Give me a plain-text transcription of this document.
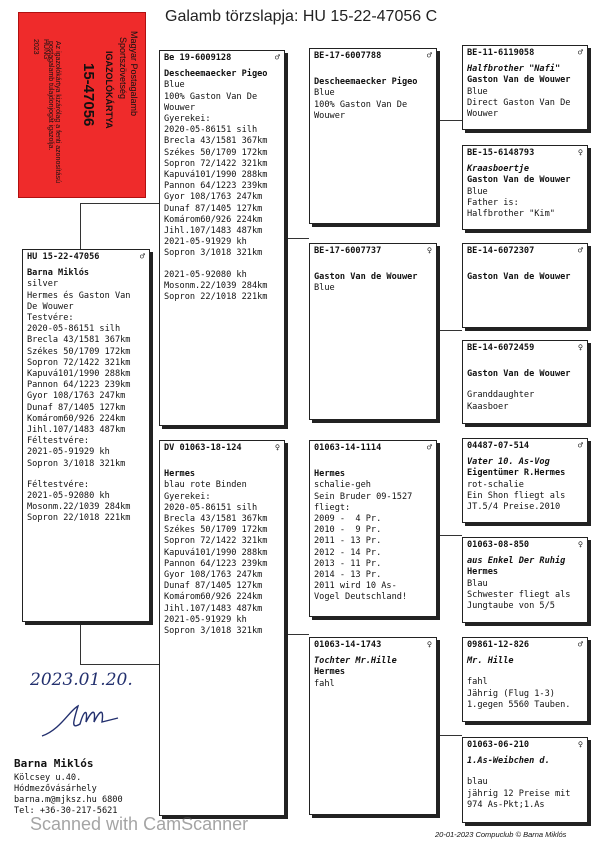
Galamb törzslapja: HU 15-22-47056 C
Magyar Postagalamb
Sportszövetség
IGAZOLÓKÁRTYA
15-47056
Az igazolókártya kizárólag a fenti azonosítású postagalamb tulajdonjogát igazolja.
HUNG
2023
HU 15-22-47056	♂
Barna Miklós
silver
Hermes és Gaston Van
De Wouwer
Testvére:
2020-05-86151 silh
Brecla 43/1581 367km
Székes 50/1709 172km
Sopron 72/1422 321km
Kapuvá101/1990 288km
Pannon 64/1223 239km
Gyor 108/1763 247km
Dunaf 87/1405 127km
Komárom60/926 224km
Jihl.107/1483 487km
Féltestvére:
2021-05-91929 kh
Sopron 3/1018 321km
Féltestvére:
2021-05-92080 kh
Mosonm.22/1039 284km
Sopron 22/1018 221km
Be 19-6009128	♂
Descheemaecker Pigeo
Blue
100% Gaston Van De
Wouwer
Gyerekei:
2020-05-86151 silh
Brecla 43/1581 367km
Székes 50/1709 172km
Sopron 72/1422 321km
Kapuvá101/1990 288km
Pannon 64/1223 239km
Gyor 108/1763 247km
Dunaf 87/1405 127km
Komárom60/926 224km
Jihl.107/1483 487km
2021-05-91929 kh
Sopron 3/1018 321km
2021-05-92080 kh
Mosonm.22/1039 284km
Sopron 22/1018 221km
DV 01063-18-124	♀
Hermes
blau rote Binden
Gyerekei:
2020-05-86151 silh
Brecla 43/1581 367km
Székes 50/1709 172km
Sopron 72/1422 321km
Kapuvá101/1990 288km
Pannon 64/1223 239km
Gyor 108/1763 247km
Dunaf 87/1405 127km
Komárom60/926 224km
Jihl.107/1483 487km
2021-05-91929 kh
Sopron 3/1018 321km
BE-17-6007788	♂
Descheemaecker Pigeo
Blue
100% Gaston Van De
Wouwer
BE-17-6007737	♀
Gaston Van de Wouwer
Blue
01063-14-1114	♂
Hermes
schalie-geh
Sein Bruder 09-1527
fliegt:
2009 -  4 Pr.
2010 -  9 Pr.
2011 - 13 Pr.
2012 - 14 Pr.
2013 - 11 Pr.
2014 - 13 Pr.
2011 wird 10 As-
Vogel Deutschland!
01063-14-1743	♀
Tochter Mr.Hille
Hermes
fahl
BE-11-6119058	♂
Halfbrother "Nafi"
Gaston Van de Wouwer
Blue
Direct Gaston Van De
Wouwer
BE-15-6148793	♀
Kraasboertje
Gaston Van de Wouwer
Blue
Father is:
Halfbrother "Kim"
BE-14-6072307	♂
Gaston Van de Wouwer
BE-14-6072459	♀
Gaston Van de Wouwer
Granddaughter
Kaasboer
04487-07-514	♂
Vater 10. As-Vog
Eigentümer R.Hermes
rot-schalie
Ein Shon fliegt als
JT.5/4 Preise.2010
01063-08-850	♀
aus Enkel Der Ruhig
Hermes
Blau
Schwester fliegt als
Jungtaube von 5/5
09861-12-826	♂
Mr. Hille
fahl
Jährig (Flug 1-3)
1.gegen 5560 Tauben.
01063-06-210	♀
1.As-Weibchen d.
blau
jährig 12 Preise mit
974 As-Pkt;1.As
2023.01.20.
Barna Miklós
Kölcsey u.40.
Hódmezővásárhely
barna.m@mjksz.hu 6800
Tel: +36-30-217-5621
Scanned with CamScanner
20-01-2023 Compuclub © Barna Miklós
